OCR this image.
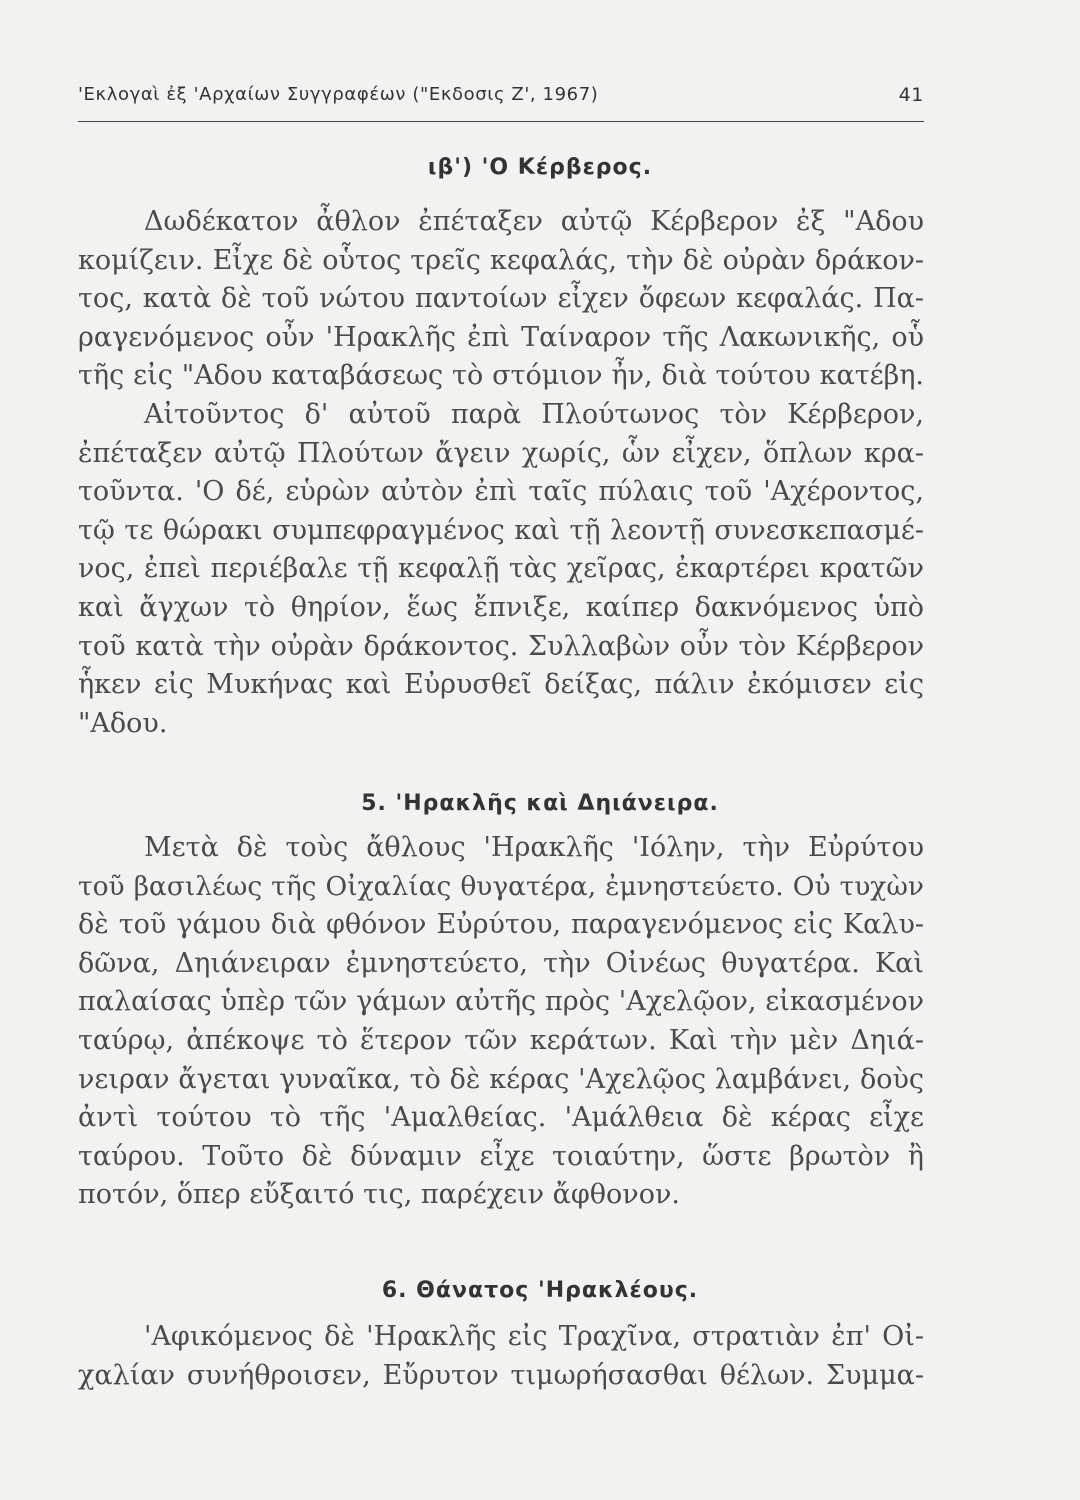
'Εκλογαὶ ἐξ 'Αρχαίων Συγγραφέων ("Εκδοσις Ζ', 1967)	41
ιβ') 'Ο Κέρβερος.
Δωδέκατον ἆθλον ἐπέταξεν αὐτῷ Κέρβερον ἐξ "Αδου
κομίζειν. Εἶχε δὲ οὗτος τρεῖς κεφαλάς, τὴν δὲ οὐρὰν δράκον-
τος, κατὰ δὲ τοῦ νώτου παντοίων εἶχεν ὄφεων κεφαλάς. Πα-
ραγενόμενος οὖν 'Ηρακλῆς ἐπὶ Ταίναρον τῆς Λακωνικῆς, οὗ
τῆς εἰς "Αδου καταβάσεως τὸ στόμιον ἦν, διὰ τούτου κατέβη.
Αἰτοῦντος δ' αὐτοῦ παρὰ Πλούτωνος τὸν Κέρβερον,
ἐπέταξεν αὐτῷ Πλούτων ἄγειν χωρίς, ὧν εἶχεν, ὅπλων κρα-
τοῦντα. 'Ο δέ, εὑρὼν αὐτὸν ἐπὶ ταῖς πύλαις τοῦ 'Αχέροντος,
τῷ τε θώρακι συμπεφραγμένος καὶ τῇ λεοντῇ συνεσκεπασμέ-
νος, ἐπεὶ περιέβαλε τῇ κεφαλῇ τὰς χεῖρας, ἐκαρτέρει κρατῶν
καὶ ἄγχων τὸ θηρίον, ἕως ἔπνιξε, καίπερ δακνόμενος ὑπὸ
τοῦ κατὰ τὴν οὐρὰν δράκοντος. Συλλαβὼν οὖν τὸν Κέρβερον
ἧκεν εἰς Μυκήνας καὶ Εὐρυσθεῖ δείξας, πάλιν ἐκόμισεν εἰς
"Αδου.
5. 'Ηρακλῆς καὶ Δηιάνειρα.
Μετὰ δὲ τοὺς ἄθλους 'Ηρακλῆς 'Ιόλην, τὴν Εὐρύτου
τοῦ βασιλέως τῆς Οἰχαλίας θυγατέρα, ἐμνηστεύετο. Οὐ τυχὼν
δὲ τοῦ γάμου διὰ φθόνον Εὐρύτου, παραγενόμενος εἰς Καλυ-
δῶνα, Δηιάνειραν ἐμνηστεύετο, τὴν Οἰνέως θυγατέρα. Καὶ
παλαίσας ὑπὲρ τῶν γάμων αὐτῆς πρὸς 'Αχελῷον, εἰκασμένον
ταύρῳ, ἀπέκοψε τὸ ἕτερον τῶν κεράτων. Καὶ τὴν μὲν Δηιά-
νειραν ἄγεται γυναῖκα, τὸ δὲ κέρας 'Αχελῷος λαμβάνει, δοὺς
ἀντὶ τούτου τὸ τῆς 'Αμαλθείας. 'Αμάλθεια δὲ κέρας εἶχε
ταύρου. Τοῦτο δὲ δύναμιν εἶχε τοιαύτην, ὥστε βρωτὸν ἢ
ποτόν, ὅπερ εὔξαιτό τις, παρέχειν ἄφθονον.
6. Θάνατος 'Ηρακλέους.
'Αφικόμενος δὲ 'Ηρακλῆς εἰς Τραχῖνα, στρατιὰν ἐπ' Οἰ-
χαλίαν συνήθροισεν, Εὔρυτον τιμωρήσασθαι θέλων. Συμμα-
